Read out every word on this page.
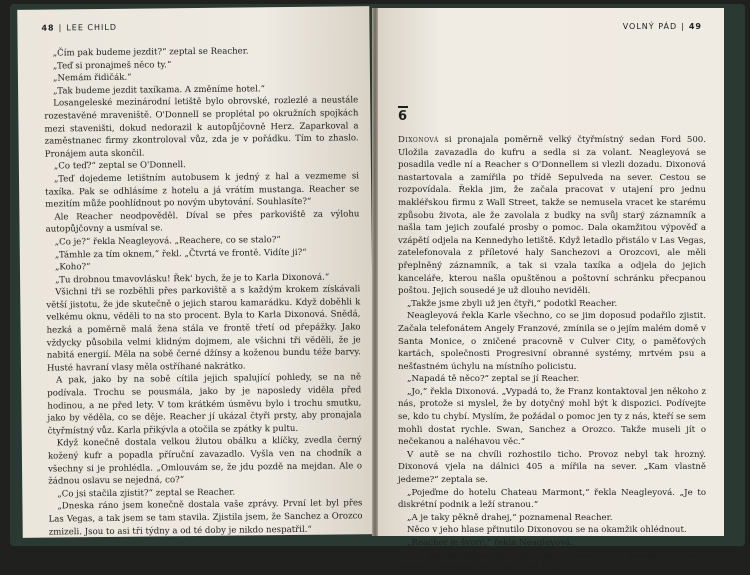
48 | LEE CHILD

„Čím pak budeme jezdit?“ zeptal se Reacher.

„Teď si pronajmeš něco ty.“

„Nemám řidičák.“

„Tak budeme jezdit taxíkama. A změníme hotel.“

Losangeleské mezinárodní letiště bylo obrovské, rozlezlé a neustále rozestavěné mraveniště. O'Donnell se proplétal po okružních spojkách mezi staveništi, dokud nedorazil k autopůjčovně Herz. Zaparkoval a zaměstnanec firmy zkontroloval vůz, zda je v pořádku. Tím to zhaslo. Pronájem auta skončil.

„Co teď?“ zeptal se O'Donnell.

„Teď dojedeme letištním autobusem k jedný z hal a vezmeme si taxíka. Pak se odhlásíme z hotelu a já vrátím mustanga. Reacher se mezitím může poohlídnout po novým ubytování. Souhlasíte?“

Ale Reacher neodpověděl. Díval se přes parkoviště za výlohu autopůjčovny a usmíval se.

„Co je?“ řekla Neagleyová. „Reachere, co se stalo?“

„Támhle za tím oknem,“ řekl. „Čtvrtá ve frontě. Vidíte ji?“

„Koho?“

„Tu drobnou tmavovlásku! Řek' bych, že je to Karla Dixonová.“

Všichni tři se rozběhli přes parkoviště a s každým krokem získávali větší jistotu, že jde skutečně o jejich starou kamarádku. Když doběhli k velkému oknu, věděli to na sto procent. Byla to Karla Dixonová. Snědá, hezká a poměrně malá žena stála ve frontě třetí od přepážky. Jako vždycky působila velmi klidným dojmem, ale všichni tři věděli, že je nabitá energií. Měla na sobě černé džínsy a koženou bundu téže barvy. Husté havraní vlasy měla ostříhané nakrátko.

A pak, jako by na sobě cítila jejich spalující pohledy, se na ně podívala. Trochu se pousmála, jako by je naposledy viděla před hodinou, a ne před lety. V tom krátkém úsměvu bylo i trochu smutku, jako by věděla, co se děje. Reacher jí ukázal čtyři prsty, aby pronajala čtyřmístný vůz. Karla přikývla a otočila se zpátky k pultu.

Když konečně dostala velkou žlutou obálku a klíčky, zvedla černý kožený kufr a popadla příruční zavazadlo. Vyšla ven na chodník a všechny si je prohlédla. „Omlouvám se, že jdu pozdě na mejdan. Ale o žádnou oslavu se nejedná, co?“

„Co jsi stačila zjistit?“ zeptal se Reacher.

„Dneska ráno jsem konečně dostala vaše zprávy. První let byl přes Las Vegas, a tak jsem se tam stavila. Zjistila jsem, že Sanchez a Orozco zmizeli. Jsou to asi tři týdny a od té doby je nikdo nespatřil.“

VOLNÝ PÁD | 49
6

Dixonová si pronajala poměrně velký čtyřmístný sedan Ford 500. Uložila zavazadla do kufru a sedla si za volant. Neagleyová se posadila vedle ní a Reacher s O'Donnellem si vlezli dozadu. Dixonová nastartovala a zamířila po třídě Sepulveda na sever. Cestou se rozpovídala. Řekla jim, že začala pracovat v utajení pro jednu makléřskou firmu z Wall Street, takže se nemusela vracet ke starému způsobu života, ale že zavolala z budky na svůj starý záznamník a našla tam jejich zoufalé prosby o pomoc. Dala okamžitou výpověď a vzápětí odjela na Kennedyho letiště. Když letadlo přistálo v Las Vegas, zatelefonovala z příletové haly Sanchezovi a Orozcovi, ale měli přeplněný záznamník, a tak si vzala taxíka a odjela do jejich kanceláře, kterou našla opuštěnou a poštovní schránku přecpanou poštou. Jejich sousedé je už dlouho neviděli.

„Takže jsme zbyli už jen čtyři,“ podotkl Reacher.

Neagleyová řekla Karle všechno, co se jim doposud podařilo zjistit. Začala telefonátem Angely Franzové, zmínila se o jejím malém domě v Santa Monice, o zničené pracovně v Culver City, o paměťových kartách, společnosti Progresivní obranné systémy, mrtvém psu a nešťastném úchylu na místního policistu.

„Napadá tě něco?“ zeptal se jí Reacher.

„Jo,“ řekla Dixonová. „Vypadá to, že Franz kontaktoval jen někoho z nás, protože si myslel, že by dotyčný mohl být k dispozici. Podívejte se, kdo tu chybí. Myslím, že požádal o pomoc jen ty z nás, kteří se sem mohli dostat rychle. Swan, Sanchez a Orozco. Takže museli jít o nečekanou a naléhavou věc.“

V autě se na chvíli rozhostilo ticho. Provoz nebyl tak hrozný. Dixonová vjela na dálnici 405 a mířila na sever. „Kam vlastně jedeme?“ zeptala se.

„Pojeďme do hotelu Chateau Marmont,“ řekla Neagleyová. „Je to diskrétní podnik a leží stranou.“

„A je taky pěkně drahej,“ poznamenal Reacher.

Něco v jeho hlase přinutilo Dixonovou se na okamžik ohlédnout.

„Reacher je švorc,“ řekla Neagleyová.

„To mě nepřekvapuje,“ přikývla Dixonová. „V posledních deviti letech se vyhýbal práci jako čert kříži.“
